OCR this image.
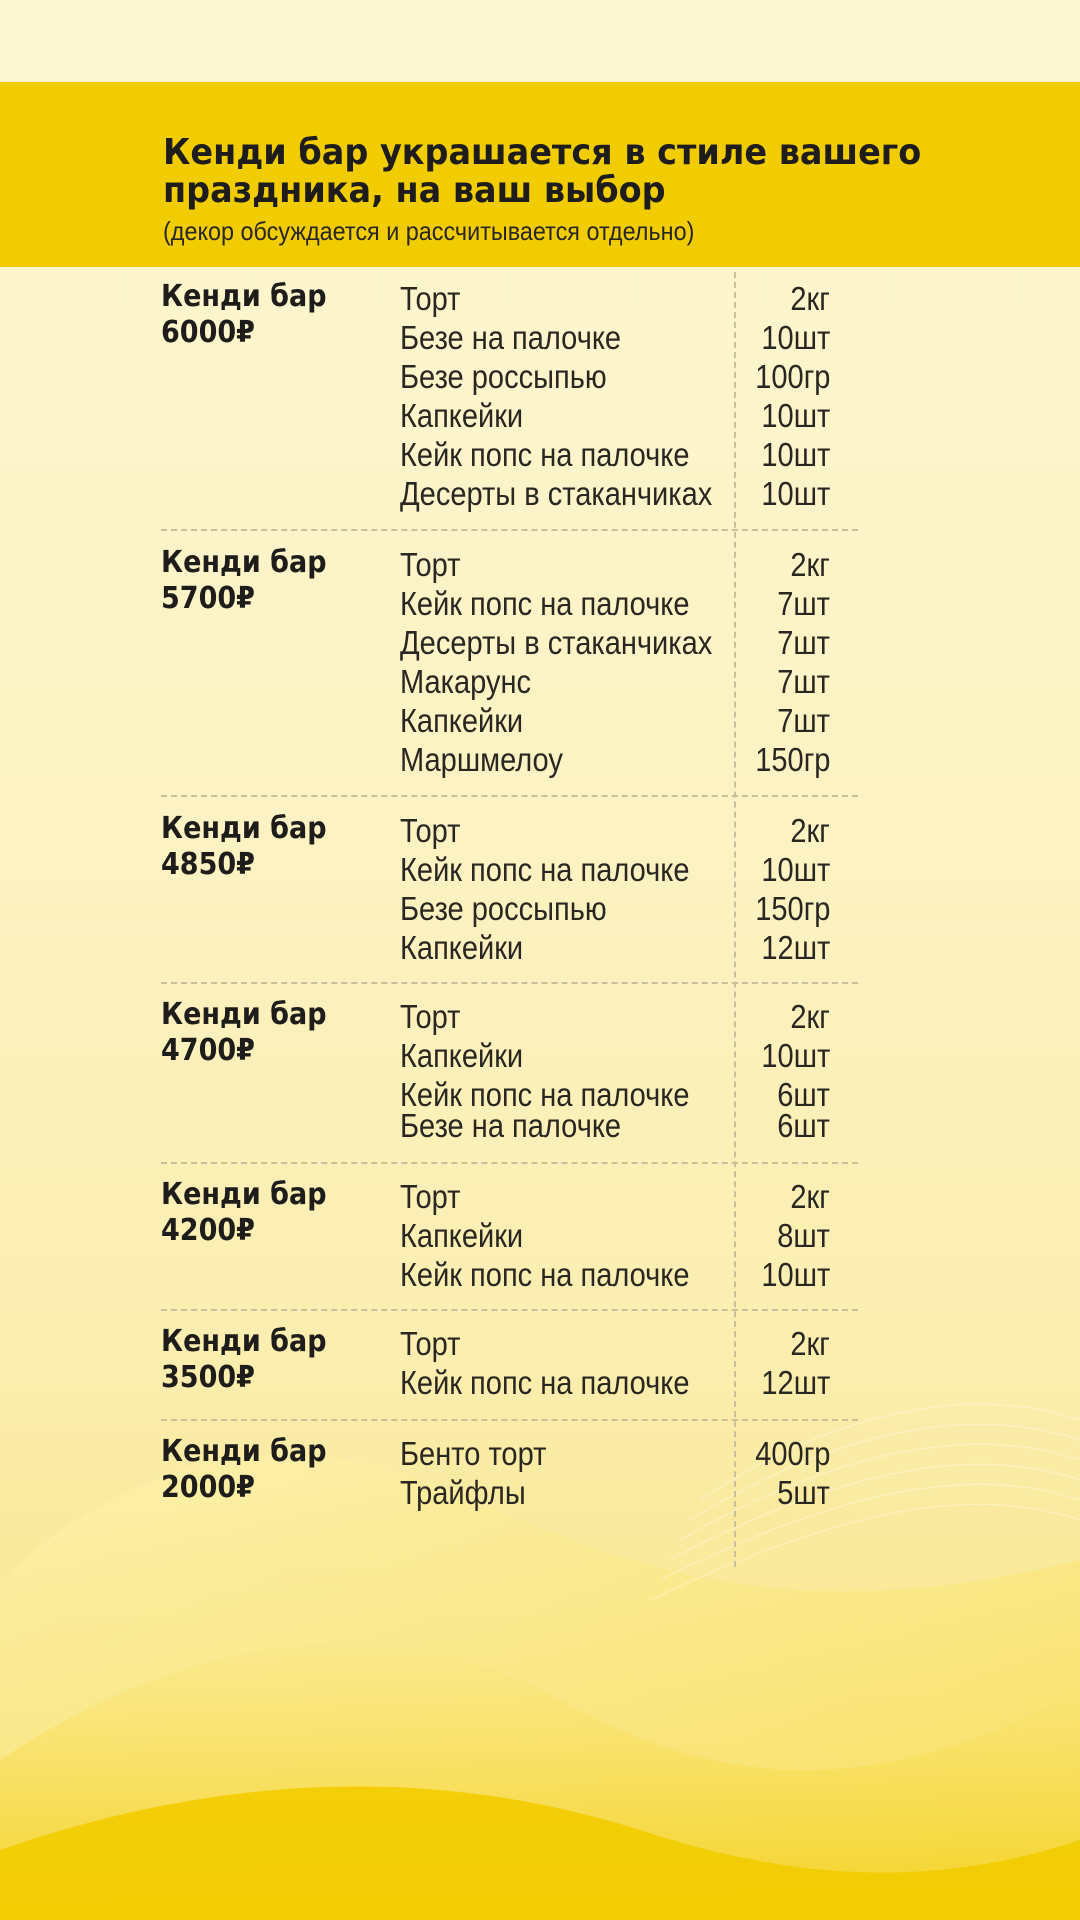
Кенди бар украшается в стиле вашего
праздника, на ваш выбор
(декор обсуждается и рассчитывается отдельно)
Кенди бар
6000₽
Торт	2кг
Безе на палочке	10шт
Безе россыпью	100гр
Капкейки	10шт
Кейк попс на палочке 10шт
Десерты в стаканчиках 10шт
Кенди бар
5700₽
Торт	2кг
Кейк попс на палочке	7шт
Десерты в стаканчиках 7шт
Макарунс	7шт
Капкейки	7шт
Маршмелоу	150гр
Кенди бар
4850₽
Торт	2кг
Кейк попс на палочке 10шт
Безе россыпью	150гр
Капкейки	12шт
Кенди бар
4700₽
Торт	2кг
Капкейки	10шт
Кейк попс на палочке	6шт
Безе на палочке	6шт
Кенди бар
4200₽
Торт	2кг
Капкейки	8шт
Кейк попс на палочке 10шт
Кенди бар
3500₽
Торт	2кг
Кейк попс на палочке 12шт
Кенди бар
2000₽
Бенто торт	400гр
Трайфлы	5шт
